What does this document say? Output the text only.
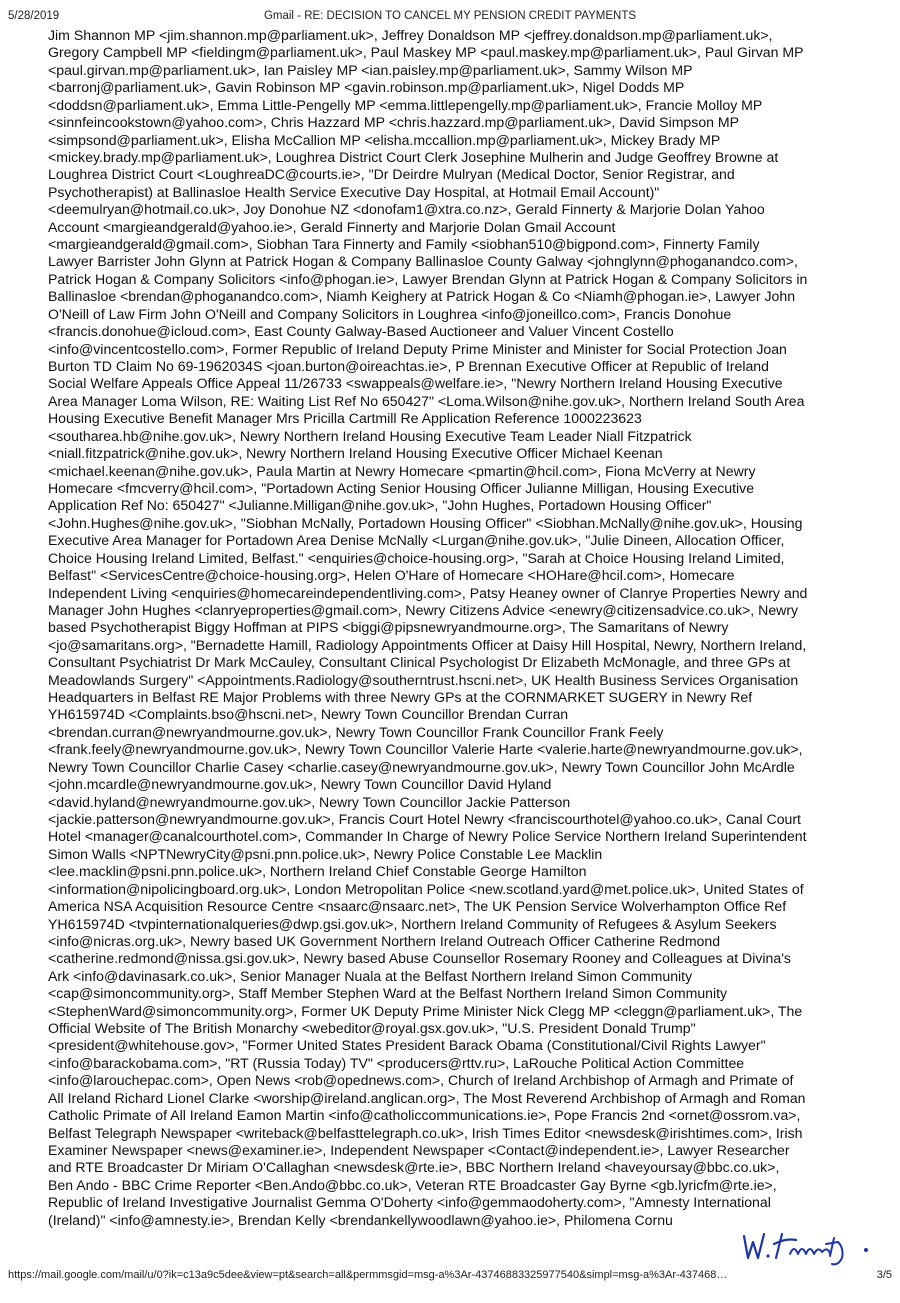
5/28/2019	Gmail - RE: DECISION TO CANCEL MY PENSION CREDIT PAYMENTS
Jim Shannon MP <jim.shannon.mp@parliament.uk>, Jeffrey Donaldson MP <jeffrey.donaldson.mp@parliament.uk>,
Gregory Campbell MP <fieldingm@parliament.uk>, Paul Maskey MP <paul.maskey.mp@parliament.uk>, Paul Girvan MP
<paul.girvan.mp@parliament.uk>, Ian Paisley MP <ian.paisley.mp@parliament.uk>, Sammy Wilson MP
<barronj@parliament.uk>, Gavin Robinson MP <gavin.robinson.mp@parliament.uk>, Nigel Dodds MP
<doddsn@parliament.uk>, Emma Little-Pengelly MP <emma.littlepengelly.mp@parliament.uk>, Francie Molloy MP
<sinnfeincookstown@yahoo.com>, Chris Hazzard MP <chris.hazzard.mp@parliament.uk>, David Simpson MP
<simpsond@parliament.uk>, Elisha McCallion MP <elisha.mccallion.mp@parliament.uk>, Mickey Brady MP
<mickey.brady.mp@parliament.uk>, Loughrea District Court Clerk Josephine Mulherin and Judge Geoffrey Browne at
Loughrea District Court <LoughreaDC@courts.ie>, "Dr Deirdre Mulryan (Medical Doctor, Senior Registrar, and
Psychotherapist) at Ballinasloe Health Service Executive Day Hospital, at Hotmail Email Account)"
<deemulryan@hotmail.co.uk>, Joy Donohue NZ <donofam1@xtra.co.nz>, Gerald Finnerty & Marjorie Dolan Yahoo
Account <margieandgerald@yahoo.ie>, Gerald Finnerty and Marjorie Dolan Gmail Account
<margieandgerald@gmail.com>, Siobhan Tara Finnerty and Family <siobhan510@bigpond.com>, Finnerty Family
Lawyer Barrister John Glynn at Patrick Hogan & Company Ballinasloe County Galway <johnglynn@phoganandco.com>,
Patrick Hogan & Company Solicitors <info@phogan.ie>, Lawyer Brendan Glynn at Patrick Hogan & Company Solicitors in
Ballinasloe <brendan@phoganandco.com>, Niamh Keighery at Patrick Hogan & Co <Niamh@phogan.ie>, Lawyer John
O'Neill of Law Firm John O'Neill and Company Solicitors in Loughrea <info@joneillco.com>, Francis Donohue
<francis.donohue@icloud.com>, East County Galway-Based Auctioneer and Valuer Vincent Costello
<info@vincentcostello.com>, Former Republic of Ireland Deputy Prime Minister and Minister for Social Protection Joan
Burton TD Claim No 69-1962034S <joan.burton@oireachtas.ie>, P Brennan Executive Officer at Republic of Ireland
Social Welfare Appeals Office Appeal 11/26733 <swappeals@welfare.ie>, "Newry Northern Ireland Housing Executive
Area Manager Loma Wilson, RE: Waiting List Ref No 650427" <Loma.Wilson@nihe.gov.uk>, Northern Ireland South Area
Housing Executive Benefit Manager Mrs Pricilla Cartmill Re Application Reference 1000223623
<southarea.hb@nihe.gov.uk>, Newry Northern Ireland Housing Executive Team Leader Niall Fitzpatrick
<niall.fitzpatrick@nihe.gov.uk>, Newry Northern Ireland Housing Executive Officer Michael Keenan
<michael.keenan@nihe.gov.uk>, Paula Martin at Newry Homecare <pmartin@hcil.com>, Fiona McVerry at Newry
Homecare <fmcverry@hcil.com>, "Portadown Acting Senior Housing Officer Julianne Milligan, Housing Executive
Application Ref No: 650427" <Julianne.Milligan@nihe.gov.uk>, "John Hughes, Portadown Housing Officer"
<John.Hughes@nihe.gov.uk>, "Siobhan McNally, Portadown Housing Officer" <Siobhan.McNally@nihe.gov.uk>, Housing
Executive Area Manager for Portadown Area Denise McNally <Lurgan@nihe.gov.uk>, "Julie Dineen, Allocation Officer,
Choice Housing Ireland Limited, Belfast." <enquiries@choice-housing.org>, "Sarah at Choice Housing Ireland Limited,
Belfast" <ServicesCentre@choice-housing.org>, Helen O'Hare of Homecare <HOHare@hcil.com>, Homecare
Independent Living <enquiries@homecareindependentliving.com>, Patsy Heaney owner of Clanrye Properties Newry and
Manager John Hughes <clanryeproperties@gmail.com>, Newry Citizens Advice <enewry@citizensadvice.co.uk>, Newry
based Psychotherapist Biggy Hoffman at PIPS <biggi@pipsnewryandmourne.org>, The Samaritans of Newry
<jo@samaritans.org>, "Bernadette Hamill, Radiology Appointments Officer at Daisy Hill Hospital, Newry, Northern Ireland,
Consultant Psychiatrist Dr Mark McCauley, Consultant Clinical Psychologist Dr Elizabeth McMonagle, and three GPs at
Meadowlands Surgery" <Appointments.Radiology@southerntrust.hscni.net>, UK Health Business Services Organisation
Headquarters in Belfast RE Major Problems with three Newry GPs at the CORNMARKET SUGERY in Newry Ref
YH615974D <Complaints.bso@hscni.net>, Newry Town Councillor Brendan Curran
<brendan.curran@newryandmourne.gov.uk>, Newry Town Councillor Frank Councillor Frank Feely
<frank.feely@newryandmourne.gov.uk>, Newry Town Councillor Valerie Harte <valerie.harte@newryandmourne.gov.uk>,
Newry Town Councillor Charlie Casey <charlie.casey@newryandmourne.gov.uk>, Newry Town Councillor John McArdle
<john.mcardle@newryandmourne.gov.uk>, Newry Town Councillor David Hyland
<david.hyland@newryandmourne.gov.uk>, Newry Town Councillor Jackie Patterson
<jackie.patterson@newryandmourne.gov.uk>, Francis Court Hotel Newry <franciscourthotel@yahoo.co.uk>, Canal Court
Hotel <manager@canalcourthotel.com>, Commander In Charge of Newry Police Service Northern Ireland Superintendent
Simon Walls <NPTNewryCity@psni.pnn.police.uk>, Newry Police Constable Lee Macklin
<lee.macklin@psni.pnn.police.uk>, Northern Ireland Chief Constable George Hamilton
<information@nipolicingboard.org.uk>, London Metropolitan Police <new.scotland.yard@met.police.uk>, United States of
America NSA Acquisition Resource Centre <nsaarc@nsaarc.net>, The UK Pension Service Wolverhampton Office Ref
YH615974D <tvpinternationalqueries@dwp.gsi.gov.uk>, Northern Ireland Community of Refugees & Asylum Seekers
<info@nicras.org.uk>, Newry based UK Government Northern Ireland Outreach Officer Catherine Redmond
<catherine.redmond@nissa.gsi.gov.uk>, Newry based Abuse Counsellor Rosemary Rooney and Colleagues at Divina's
Ark <info@davinasark.co.uk>, Senior Manager Nuala at the Belfast Northern Ireland Simon Community
<cap@simoncommunity.org>, Staff Member Stephen Ward at the Belfast Northern Ireland Simon Community
<StephenWard@simoncommunity.org>, Former UK Deputy Prime Minister Nick Clegg MP <cleggn@parliament.uk>, The
Official Website of The British Monarchy <webeditor@royal.gsx.gov.uk>, "U.S. President Donald Trump"
<president@whitehouse.gov>, "Former United States President Barack Obama (Constitutional/Civil Rights Lawyer"
<info@barackobama.com>, "RT (Russia Today) TV" <producers@rttv.ru>, LaRouche Political Action Committee
<info@larouchepac.com>, Open News <rob@opednews.com>, Church of Ireland Archbishop of Armagh and Primate of
All Ireland Richard Lionel Clarke <worship@ireland.anglican.org>, The Most Reverend Archbishop of Armagh and Roman
Catholic Primate of All Ireland Eamon Martin <info@catholiccommunications.ie>, Pope Francis 2nd <ornet@ossrom.va>,
Belfast Telegraph Newspaper <writeback@belfasttelegraph.co.uk>, Irish Times Editor <newsdesk@irishtimes.com>, Irish
Examiner Newspaper <news@examiner.ie>, Independent Newspaper <Contact@independent.ie>, Lawyer Researcher
and RTE Broadcaster Dr Miriam O'Callaghan <newsdesk@rte.ie>, BBC Northern Ireland <haveyoursay@bbc.co.uk>,
Ben Ando - BBC Crime Reporter <Ben.Ando@bbc.co.uk>, Veteran RTE Broadcaster Gay Byrne <gb.lyricfm@rte.ie>,
Republic of Ireland Investigative Journalist Gemma O'Doherty <info@gemmaodoherty.com>, "Amnesty International
(Ireland)" <info@amnesty.ie>, Brendan Kelly <brendankellywoodlawn@yahoo.ie>, Philomena Cornu
https://mail.google.com/mail/u/0?ik=c13a9c5dee&view=pt&search=all&permmsgid=msg-a%3Ar-4374688332597754​0&simpl=msg-a%3Ar-437468…	3/5
